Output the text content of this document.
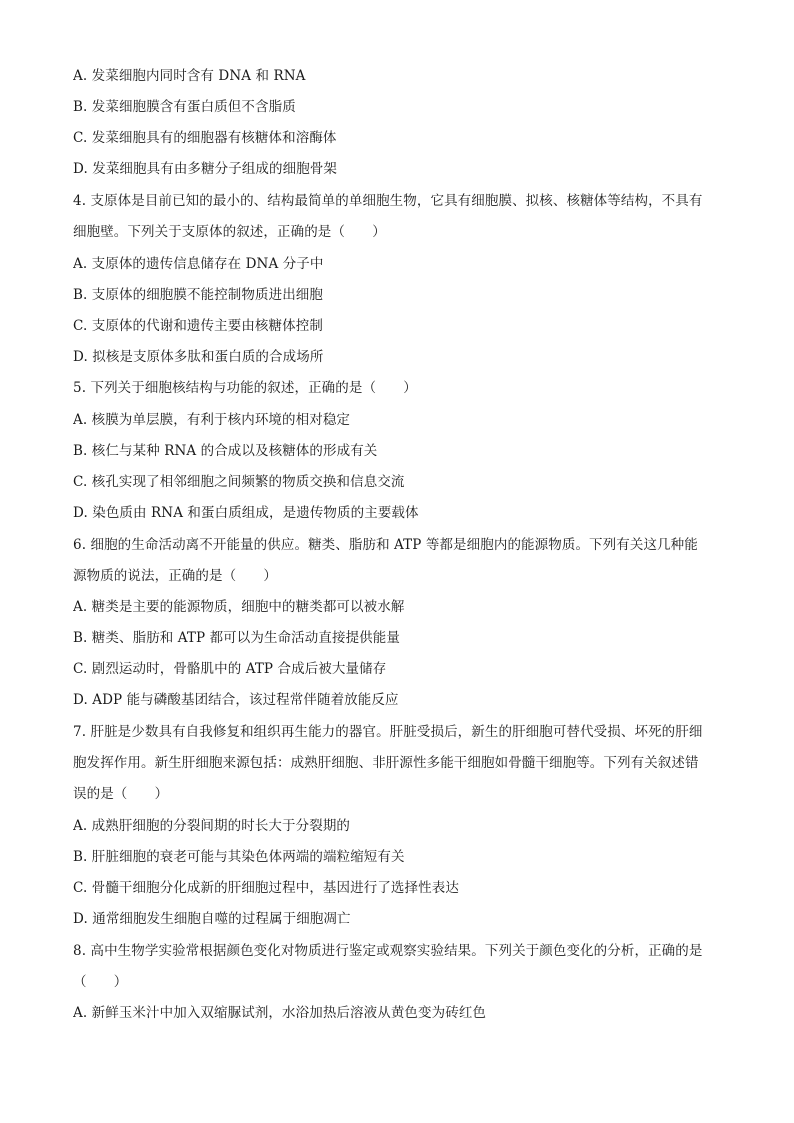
A. 发菜细胞内同时含有 DNA 和 RNA
B. 发菜细胞膜含有蛋白质但不含脂质
C. 发菜细胞具有的细胞器有核糖体和溶酶体
D. 发菜细胞具有由多糖分子组成的细胞骨架
4. 支原体是目前已知的最小的、结构最简单的单细胞生物，它具有细胞膜、拟核、核糖体等结构，不具有
细胞壁。下列关于支原体的叙述，正确的是（　　）
A. 支原体的遗传信息储存在 DNA 分子中
B. 支原体的细胞膜不能控制物质进出细胞
C. 支原体的代谢和遗传主要由核糖体控制
D. 拟核是支原体多肽和蛋白质的合成场所
5. 下列关于细胞核结构与功能的叙述，正确的是（　　）
A. 核膜为单层膜，有利于核内环境的相对稳定
B. 核仁与某种 RNA 的合成以及核糖体的形成有关
C. 核孔实现了相邻细胞之间频繁的物质交换和信息交流
D. 染色质由 RNA 和蛋白质组成，是遗传物质的主要载体
6. 细胞的生命活动离不开能量的供应。糖类、脂肪和 ATP 等都是细胞内的能源物质。下列有关这几种能
源物质的说法，正确的是（　　）
A. 糖类是主要的能源物质，细胞中的糖类都可以被水解
B. 糖类、脂肪和 ATP 都可以为生命活动直接提供能量
C. 剧烈运动时，骨骼肌中的 ATP 合成后被大量储存
D. ADP 能与磷酸基团结合，该过程常伴随着放能反应
7. 肝脏是少数具有自我修复和组织再生能力的器官。肝脏受损后，新生的肝细胞可替代受损、坏死的肝细
胞发挥作用。新生肝细胞来源包括：成熟肝细胞、非肝源性多能干细胞如骨髓干细胞等。下列有关叙述错
误的是（　　）
A. 成熟肝细胞的分裂间期的时长大于分裂期的
B. 肝脏细胞的衰老可能与其染色体两端的端粒缩短有关
C. 骨髓干细胞分化成新的肝细胞过程中，基因进行了选择性表达
D. 通常细胞发生细胞自噬的过程属于细胞凋亡
8. 高中生物学实验常根据颜色变化对物质进行鉴定或观察实验结果。下列关于颜色变化的分析，正确的是
（　　）
A. 新鲜玉米汁中加入双缩脲试剂，水浴加热后溶液从黄色变为砖红色
